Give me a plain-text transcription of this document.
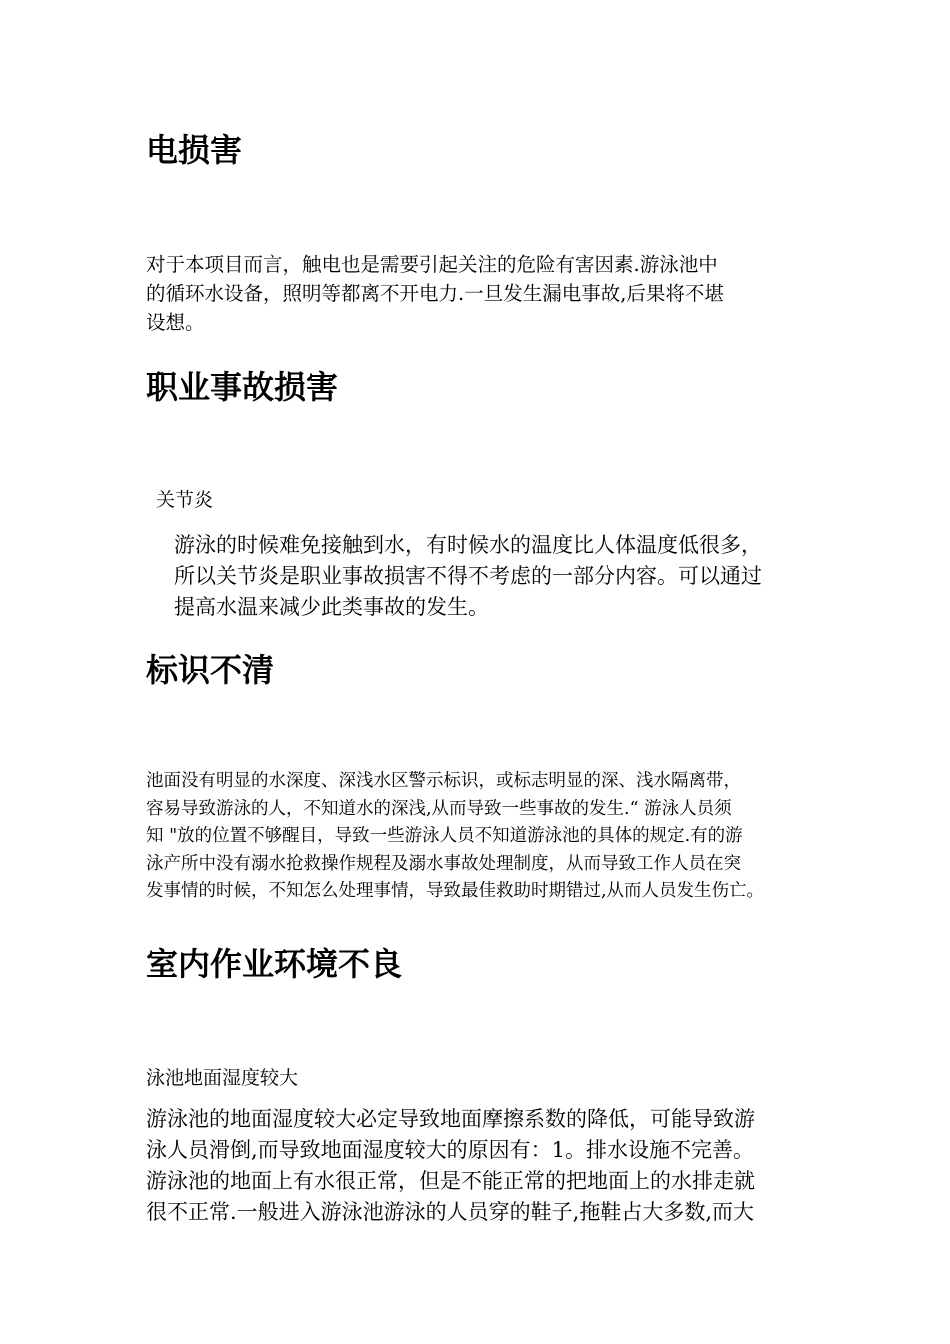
电损害
对于本项目而言，触电也是需要引起关注的危险有害因素.游泳池中
的循环水设备，照明等都离不开电力.一旦发生漏电事故,后果将不堪
设想。
职业事故损害
关节炎
游泳的时候难免接触到水，有时候水的温度比人体温度低很多，
所以关节炎是职业事故损害不得不考虑的一部分内容。可以通过
提高水温来减少此类事故的发生。
标识不清
池面没有明显的水深度、深浅水区警示标识，或标志明显的深、浅水隔离带，
容易导致游泳的人，不知道水的深浅,从而导致一些事故的发生.“ 游泳人员须
知 "放的位置不够醒目，导致一些游泳人员不知道游泳池的具体的规定.有的游
泳产所中没有溺水抢救操作规程及溺水事故处理制度，从而导致工作人员在突
发事情的时候，不知怎么处理事情，导致最佳救助时期错过,从而人员发生伤亡。
室内作业环境不良
泳池地面湿度较大
游泳池的地面湿度较大必定导致地面摩擦系数的降低，可能导致游
泳人员滑倒,而导致地面湿度较大的原因有：1。排水设施不完善。
游泳池的地面上有水很正常，但是不能正常的把地面上的水排走就
很不正常.一般进入游泳池游泳的人员穿的鞋子,拖鞋占大多数,而大
